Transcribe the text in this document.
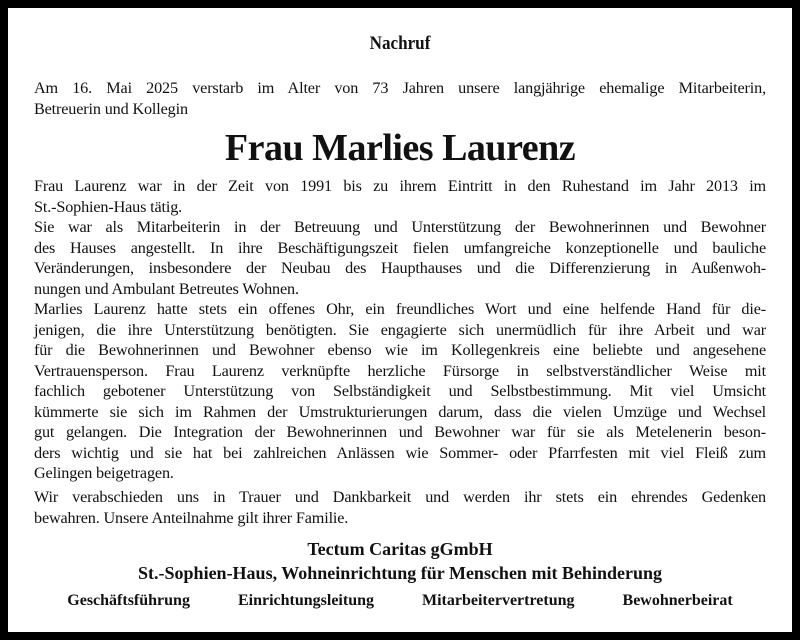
Nachruf
Am 16. Mai 2025 verstarb im Alter von 73 Jahren unsere langjährige ehemalige Mitarbeiterin,
Betreuerin und Kollegin
Frau Marlies Laurenz
Frau Laurenz war in der Zeit von 1991 bis zu ihrem Eintritt in den Ruhestand im Jahr 2013 im
St.-Sophien-Haus tätig.
Sie war als Mitarbeiterin in der Betreuung und Unterstützung der Bewohnerinnen und Bewohner
des Hauses angestellt. In ihre Beschäftigungszeit fielen umfangreiche konzeptionelle und bauliche
Veränderungen, insbesondere der Neubau des Haupthauses und die Differenzierung in Außenwoh-
nungen und Ambulant Betreutes Wohnen.
Marlies Laurenz hatte stets ein offenes Ohr, ein freundliches Wort und eine helfende Hand für die-
jenigen, die ihre Unterstützung benötigten. Sie engagierte sich unermüdlich für ihre Arbeit und war
für die Bewohnerinnen und Bewohner ebenso wie im Kollegenkreis eine beliebte und angesehene
Vertrauensperson. Frau Laurenz verknüpfte herzliche Fürsorge in selbstverständlicher Weise mit
fachlich gebotener Unterstützung von Selbständigkeit und Selbstbestimmung. Mit viel Umsicht
kümmerte sie sich im Rahmen der Umstrukturierungen darum, dass die vielen Umzüge und Wechsel
gut gelangen. Die Integration der Bewohnerinnen und Bewohner war für sie als Metelenerin beson-
ders wichtig und sie hat bei zahlreichen Anlässen wie Sommer- oder Pfarrfesten mit viel Fleiß zum
Gelingen beigetragen.
Wir verabschieden uns in Trauer und Dankbarkeit und werden ihr stets ein ehrendes Gedenken
bewahren. Unsere Anteilnahme gilt ihrer Familie.
Tectum Caritas gGmbH
St.-Sophien-Haus, Wohneinrichtung für Menschen mit Behinderung
Geschäftsführung	Einrichtungsleitung	Mitarbeitervertretung	Bewohnerbeirat
